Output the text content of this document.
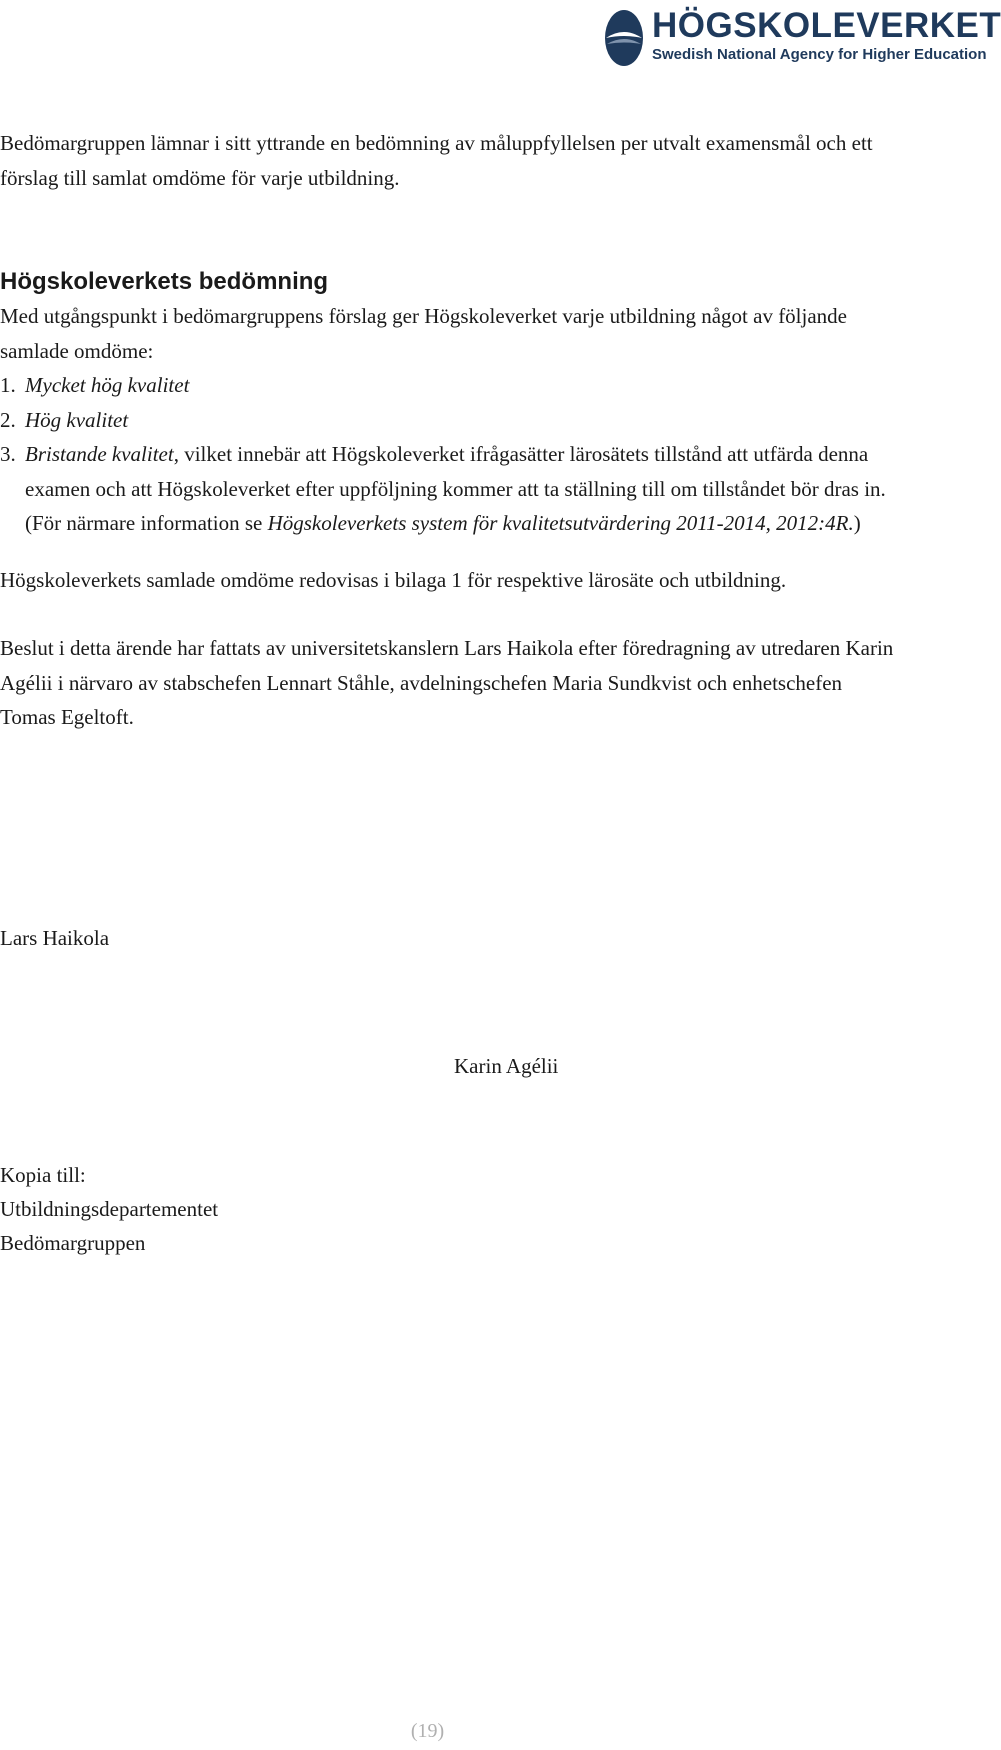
HÖGSKOLEVERKET
Swedish National Agency for Higher Education

Bedömargruppen lämnar i sitt yttrande en bedömning av måluppfyllelsen per utvalt examensmål och ett förslag till samlat omdöme för varje utbildning.

Högskoleverkets bedömning

Med utgångspunkt i bedömargruppens förslag ger Högskoleverket varje utbildning något av följande samlade omdöme:

1. Mycket hög kvalitet
2. Hög kvalitet
3. Bristande kvalitet, vilket innebär att Högskoleverket ifrågasätter lärosätets tillstånd att utfärda denna examen och att Högskoleverket efter uppföljning kommer att ta ställning till om tillståndet bör dras in. (För närmare information se Högskoleverkets system för kvalitetsutvärdering 2011-2014, 2012:4R.)

Högskoleverkets samlade omdöme redovisas i bilaga 1 för respektive lärosäte och utbildning.

Beslut i detta ärende har fattats av universitetskanslern Lars Haikola efter föredragning av utredaren Karin Agélii i närvaro av stabschefen Lennart Ståhle, avdelningschefen Maria Sundkvist och enhetschefen Tomas Egeltoft.

Lars Haikola
Karin Agélii
Kopia till:
Utbildningsdepartementet
Bedömargruppen
(19)
